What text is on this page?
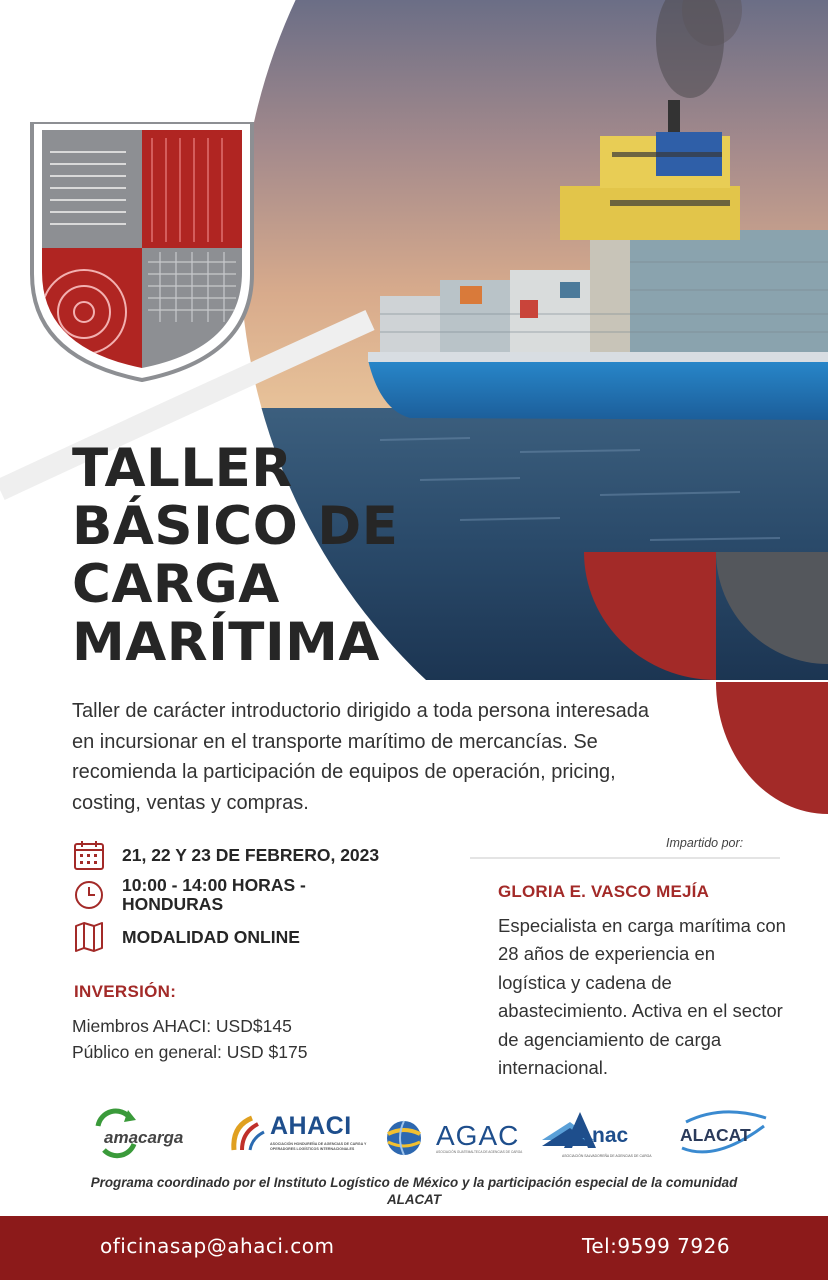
TALLER
BÁSICO DE
CARGA
MARÍTIMA

Taller de carácter introductorio dirigido a toda persona interesada en incursionar en el transporte marítimo de mercancías. Se recomienda la participación de equipos de operación, pricing, costing, ventas y compras.

21, 22 Y 23 DE FEBRERO, 2023
10:00 - 14:00 HORAS -
HONDURAS
MODALIDAD ONLINE
INVERSIÓN:
Miembros AHACI: USD$145
Público en general: USD $175
Impartido por:
GLORIA E. VASCO MEJÍA

Especialista en carga marítima con 28 años de experiencia en logística y cadena de abastecimiento. Activa en el sector de agenciamiento de carga internacional.

amacarga	AHACI
ASOCIACIÓN HONDUREÑA DE AGENCIAS DE CARGA Y OPERADORES LOGÍSTICOS INTERNACIONALES	AGAC
ASOCIACIÓN GUATEMALTECA DE AGENCIAS DE CARGA
nac
ASOCIACIÓN SALVADOREÑA DE AGENCIAS DE CARGA
ALACAT

Programa coordinado por el Instituto Logístico de México y la participación especial de la comunidad ALACAT

oficinasap@ahaci.com	Tel:9599 7926
